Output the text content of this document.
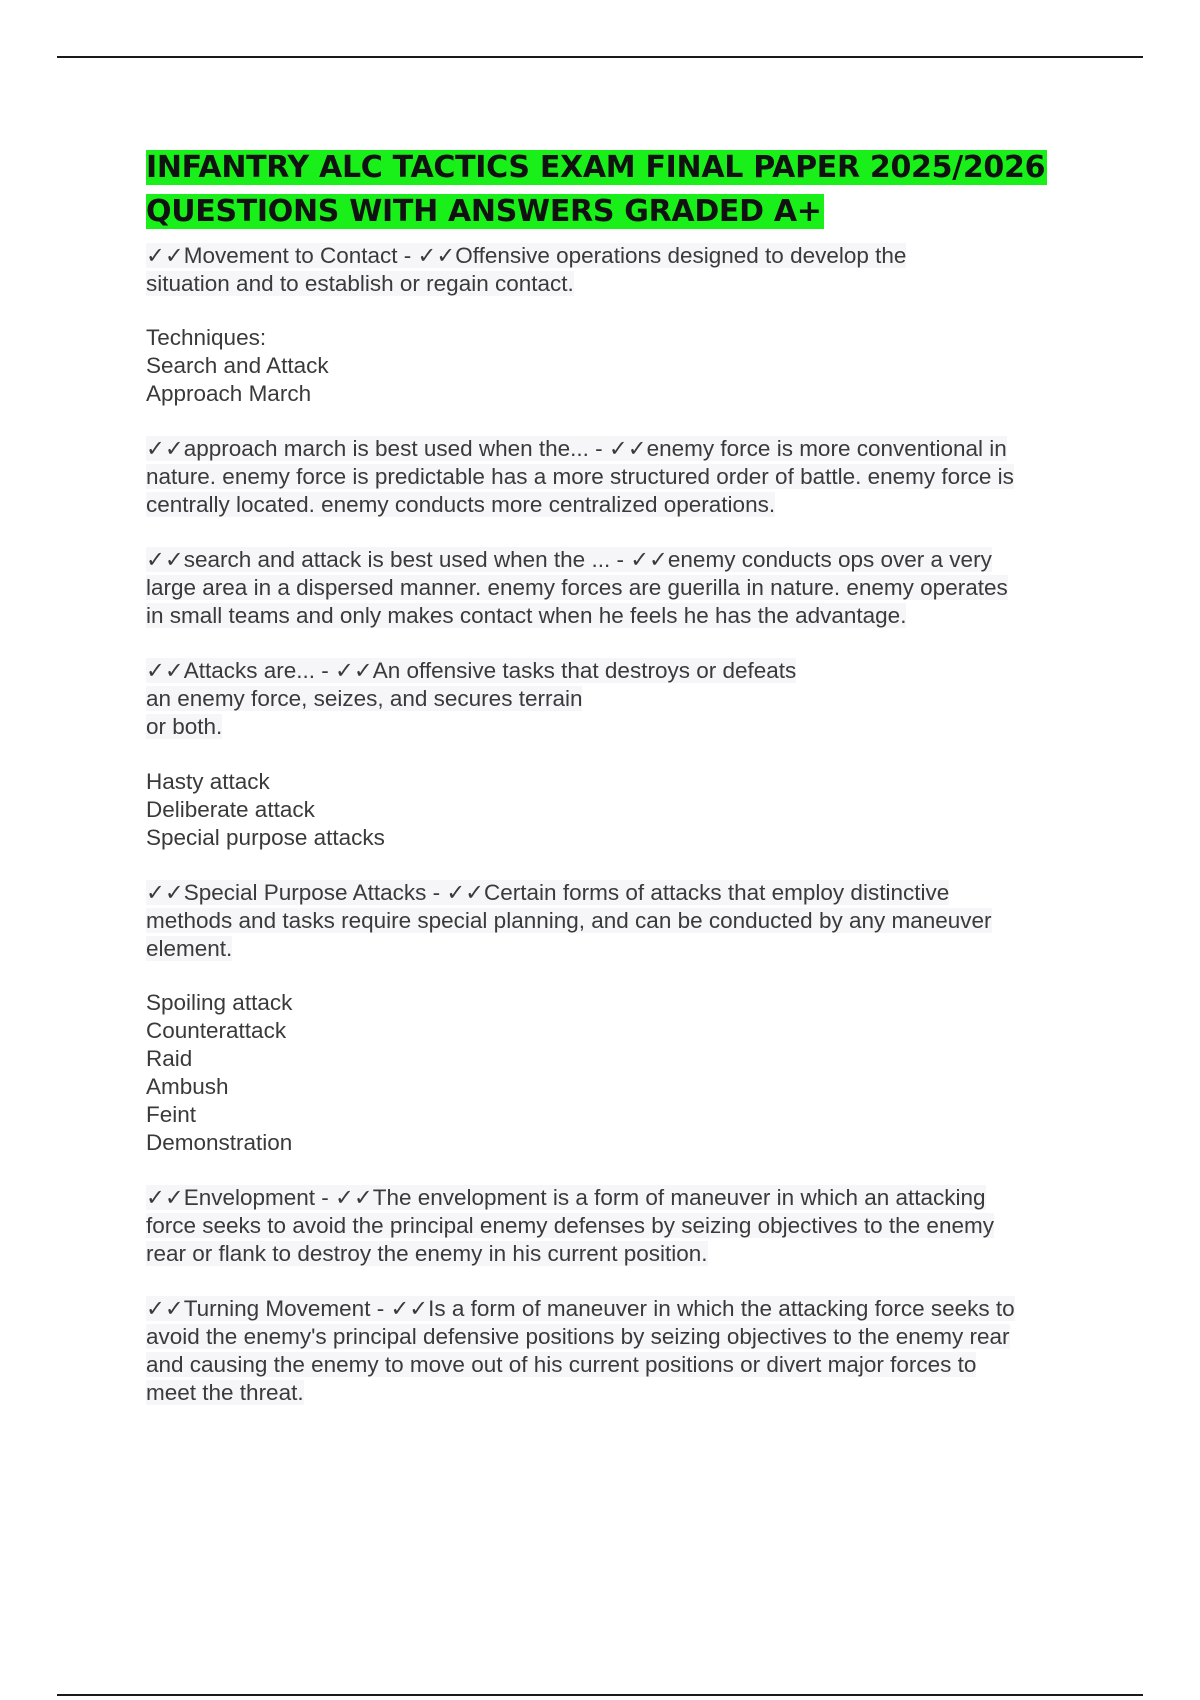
INFANTRY ALC TACTICS EXAM FINAL PAPER 2025/2026
QUESTIONS WITH ANSWERS GRADED A+

✓✓Movement to Contact - ✓✓Offensive operations designed to develop the
situation and to establish or regain contact.

Techniques:
Search and Attack
Approach March

✓✓approach march is best used when the... - ✓✓enemy force is more conventional in
nature. enemy force is predictable has a more structured order of battle. enemy force is
centrally located. enemy conducts more centralized operations.

✓✓search and attack is best used when the ... - ✓✓enemy conducts ops over a very
large area in a dispersed manner. enemy forces are guerilla in nature. enemy operates
in small teams and only makes contact when he feels he has the advantage.

✓✓Attacks are... - ✓✓An offensive tasks that destroys or defeats
an enemy force, seizes, and secures terrain
or both.

Hasty attack
Deliberate attack
Special purpose attacks

✓✓Special Purpose Attacks - ✓✓Certain forms of attacks that employ distinctive
methods and tasks require special planning, and can be conducted by any maneuver
element.

Spoiling attack
Counterattack
Raid
Ambush
Feint
Demonstration

✓✓Envelopment - ✓✓The envelopment is a form of maneuver in which an attacking
force seeks to avoid the principal enemy defenses by seizing objectives to the enemy
rear or flank to destroy the enemy in his current position.

✓✓Turning Movement - ✓✓Is a form of maneuver in which the attacking force seeks to
avoid the enemy's principal defensive positions by seizing objectives to the enemy rear
and causing the enemy to move out of his current positions or divert major forces to
meet the threat.
